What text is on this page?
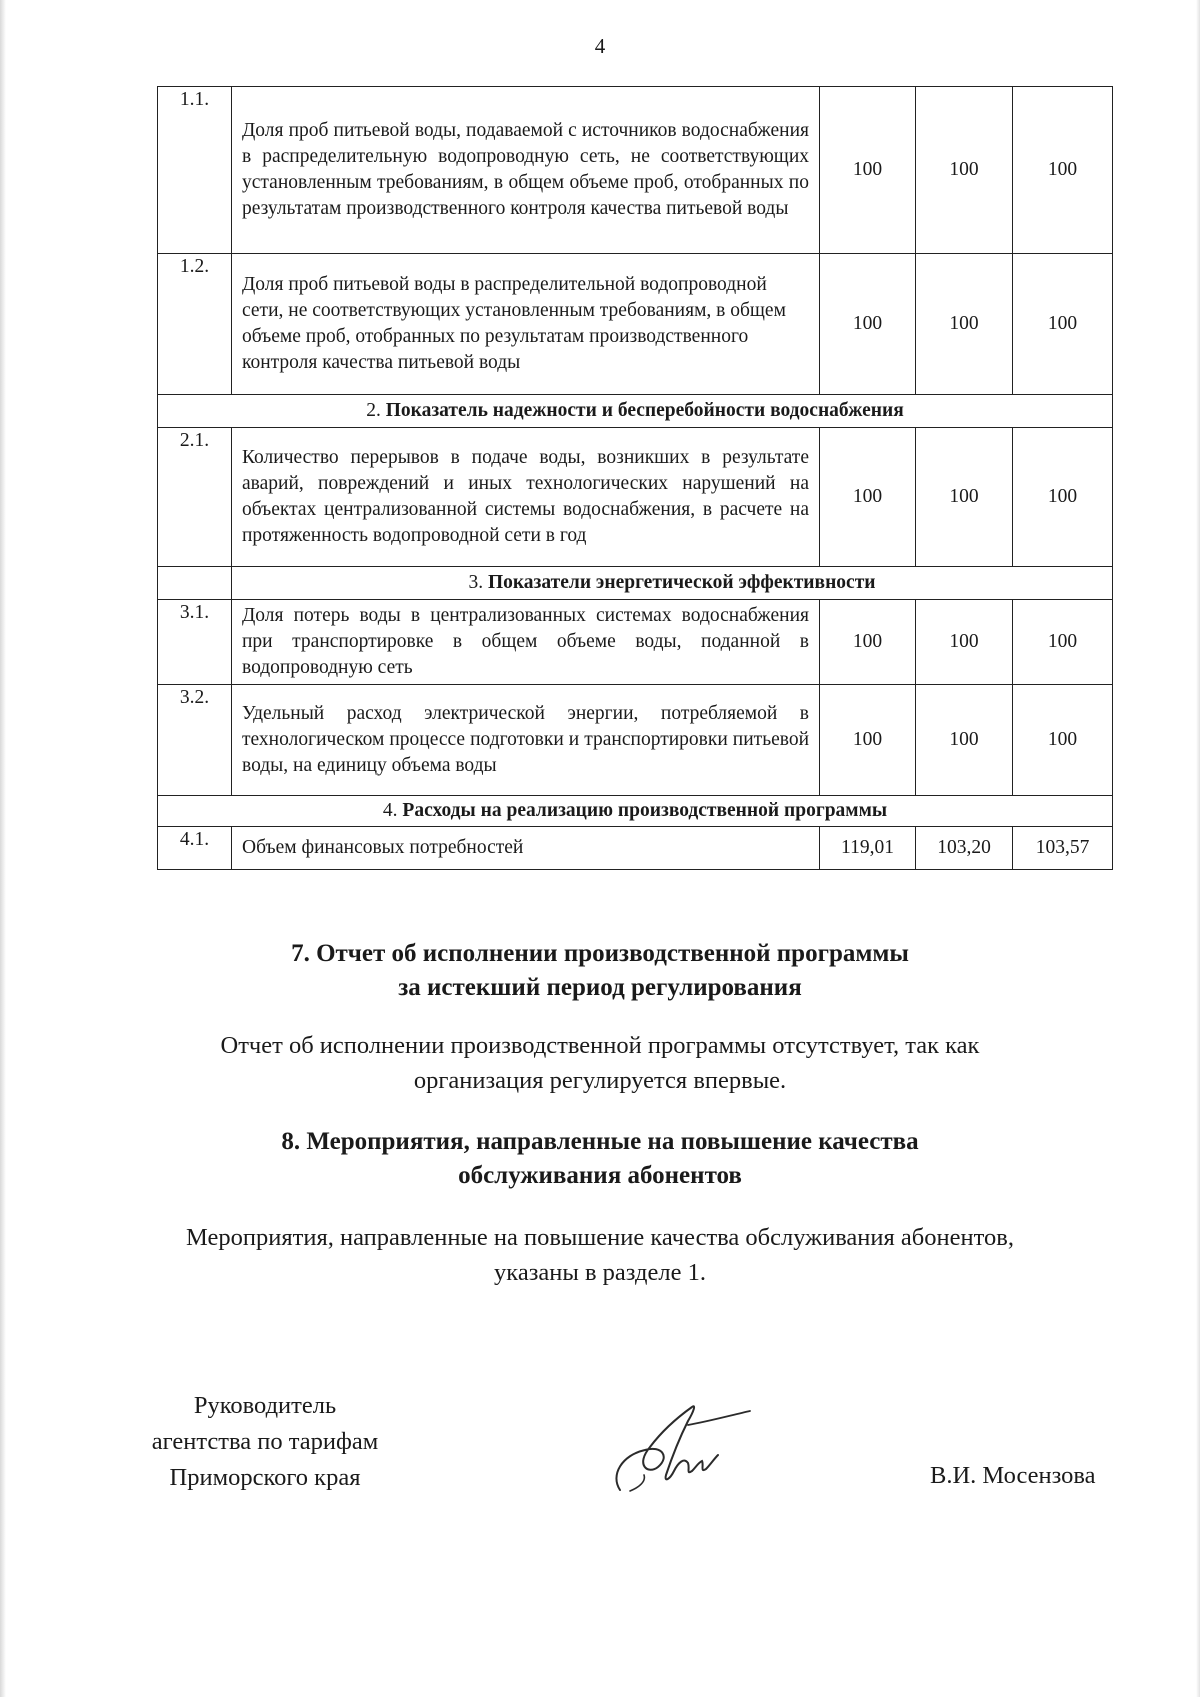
4
1.1.	Доля проб питьевой воды, подаваемой с источников водоснабжения в распределительную водопроводную сеть, не соответствующих установленным требованиям, в общем объеме проб, отобранных по результатам производственного контроля качества питьевой воды	100	100	100
1.2.	Доля проб питьевой воды в распределительной водопроводной сети, не соответствующих установленным требованиям, в общем объеме проб, отобранных по результатам производственного контроля качества питьевой воды	100	100	100
2. Показатель надежности и бесперебойности водоснабжения				
2.1.	Количество перерывов в подаче воды, возникших в результате аварий, повреждений и иных технологических нарушений на объектах централизованной системы водоснабжения, в расчете на протяженность водопроводной сети в год	100	100	100
	3. Показатели энергетической эффективности			
3.1.	Доля потерь воды в централизованных системах водоснабжения при транспортировке в общем объеме воды, поданной в водопроводную сеть	100	100	100
3.2.	Удельный расход электрической энергии, потребляемой в технологическом процессе подготовки и транспортировки питьевой воды, на единицу объема воды	100	100	100
4. Расходы на реализацию производственной программы				
4.1.	Объем финансовых потребностей	119,01	103,20	103,57
7. Отчет об исполнении производственной программы
за истекший период регулирования
Отчет об исполнении производственной программы отсутствует, так как
организация регулируется впервые.
8. Мероприятия, направленные на повышение качества
обслуживания абонентов
Мероприятия, направленные на повышение качества обслуживания абонентов,
указаны в разделе 1.
Руководитель
агентства по тарифам
Приморского края	В.И. Мосензова
